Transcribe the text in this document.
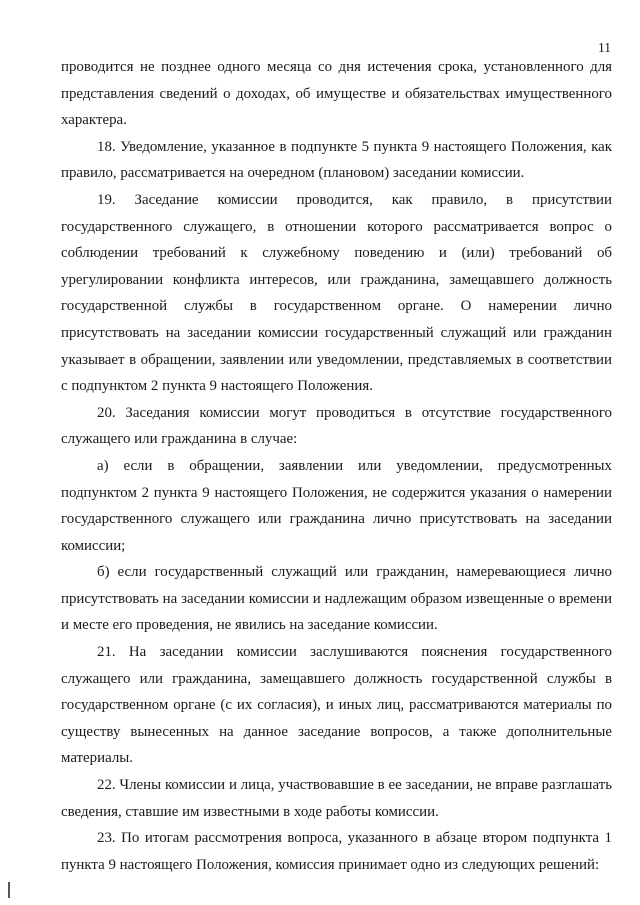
11

проводится не позднее одного месяца со дня истечения срока, установленного для представления сведений о доходах, об имуществе и обязательствах имущественного характера.

18. Уведомление, указанное в подпункте 5 пункта 9 настоящего Положения, как правило, рассматривается на очередном (плановом) заседании комиссии.

19. Заседание комиссии проводится, как правило, в присутствии государственного служащего, в отношении которого рассматривается вопрос о соблюдении требований к служебному поведению и (или) требований об урегулировании конфликта интересов, или гражданина, замещавшего должность государственной службы в государственном органе. О намерении лично присутствовать на заседании комиссии государственный служащий или гражданин указывает в обращении, заявлении или уведомлении, представляемых в соответствии с подпунктом 2 пункта 9 настоящего Положения.

20. Заседания комиссии могут проводиться в отсутствие государственного служащего или гражданина в случае:

а) если в обращении, заявлении или уведомлении, предусмотренных подпунктом 2 пункта 9 настоящего Положения, не содержится указания о намерении государственного служащего или гражданина лично присутствовать на заседании комиссии;

б) если государственный служащий или гражданин, намеревающиеся лично присутствовать на заседании комиссии и надлежащим образом извещенные о времени и месте его проведения, не явились на заседание комиссии.

21. На заседании комиссии заслушиваются пояснения государственного служащего или гражданина, замещавшего должность государственной службы в государственном органе (с их согласия), и иных лиц, рассматриваются материалы по существу вынесенных на данное заседание вопросов, а также дополнительные материалы.

22. Члены комиссии и лица, участвовавшие в ее заседании, не вправе разглашать сведения, ставшие им известными в ходе работы комиссии.

23. По итогам рассмотрения вопроса, указанного в абзаце втором подпункта 1 пункта 9 настоящего Положения, комиссия принимает одно из следующих решений:
